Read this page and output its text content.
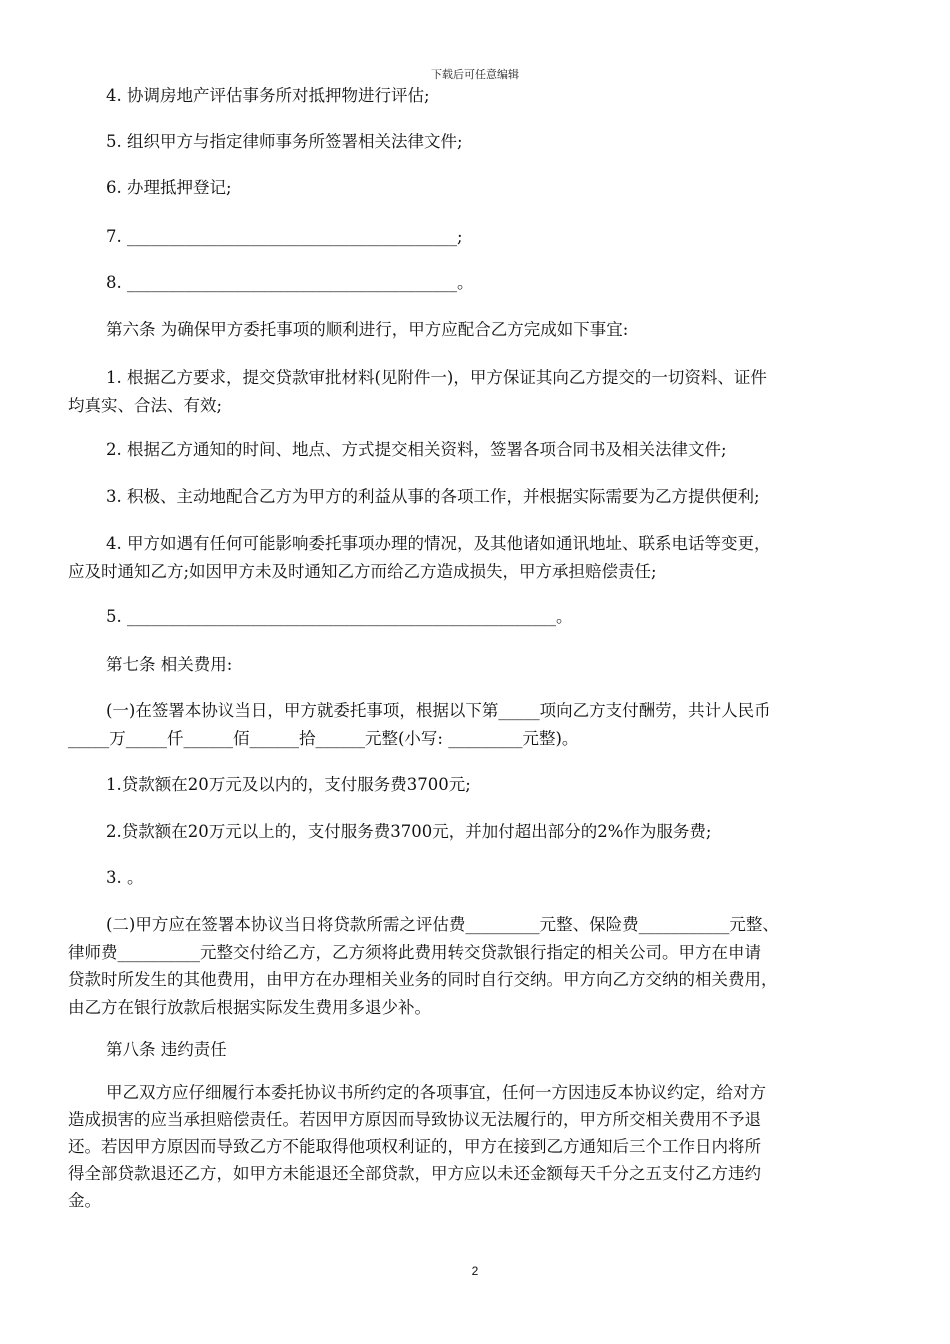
下载后可任意编辑
4. 协调房地产评估事务所对抵押物进行评估;
5. 组织甲方与指定律师事务所签署相关法律文件;
6. 办理抵押登记;
7. ________________________________________;
8. ________________________________________。
第六条 为确保甲方委托事项的顺利进行，甲方应配合乙方完成如下事宜:
1. 根据乙方要求，提交贷款审批材料(见附件一)，甲方保证其向乙方提交的一切资料、证件
均真实、合法、有效;
2. 根据乙方通知的时间、地点、方式提交相关资料，签署各项合同书及相关法律文件;
3. 积极、主动地配合乙方为甲方的利益从事的各项工作，并根据实际需要为乙方提供便利;
4. 甲方如遇有任何可能影响委托事项办理的情况，及其他诸如通讯地址、联系电话等变更，
应及时通知乙方;如因甲方未及时通知乙方而给乙方造成损失，甲方承担赔偿责任;
5. ____________________________________________________。
第七条 相关费用:
(一)在签署本协议当日，甲方就委托事项，根据以下第_____项向乙方支付酬劳，共计人民币
_____万_____仟______佰______拾______元整(小写: _________元整)。
1.贷款额在20万元及以内的，支付服务费3700元;
2.贷款额在20万元以上的，支付服务费3700元，并加付超出部分的2%作为服务费;
3. 。
(二)甲方应在签署本协议当日将贷款所需之评估费_________元整、保险费___________元整、
律师费__________元整交付给乙方，乙方须将此费用转交贷款银行指定的相关公司。甲方在申请
贷款时所发生的其他费用，由甲方在办理相关业务的同时自行交纳。甲方向乙方交纳的相关费用，
由乙方在银行放款后根据实际发生费用多退少补。
第八条 违约责任
甲乙双方应仔细履行本委托协议书所约定的各项事宜，任何一方因违反本协议约定，给对方
造成损害的应当承担赔偿责任。若因甲方原因而导致协议无法履行的，甲方所交相关费用不予退
还。若因甲方原因而导致乙方不能取得他项权利证的，甲方在接到乙方通知后三个工作日内将所
得全部贷款退还乙方，如甲方未能退还全部贷款，甲方应以未还金额每天千分之五支付乙方违约
金。
2
